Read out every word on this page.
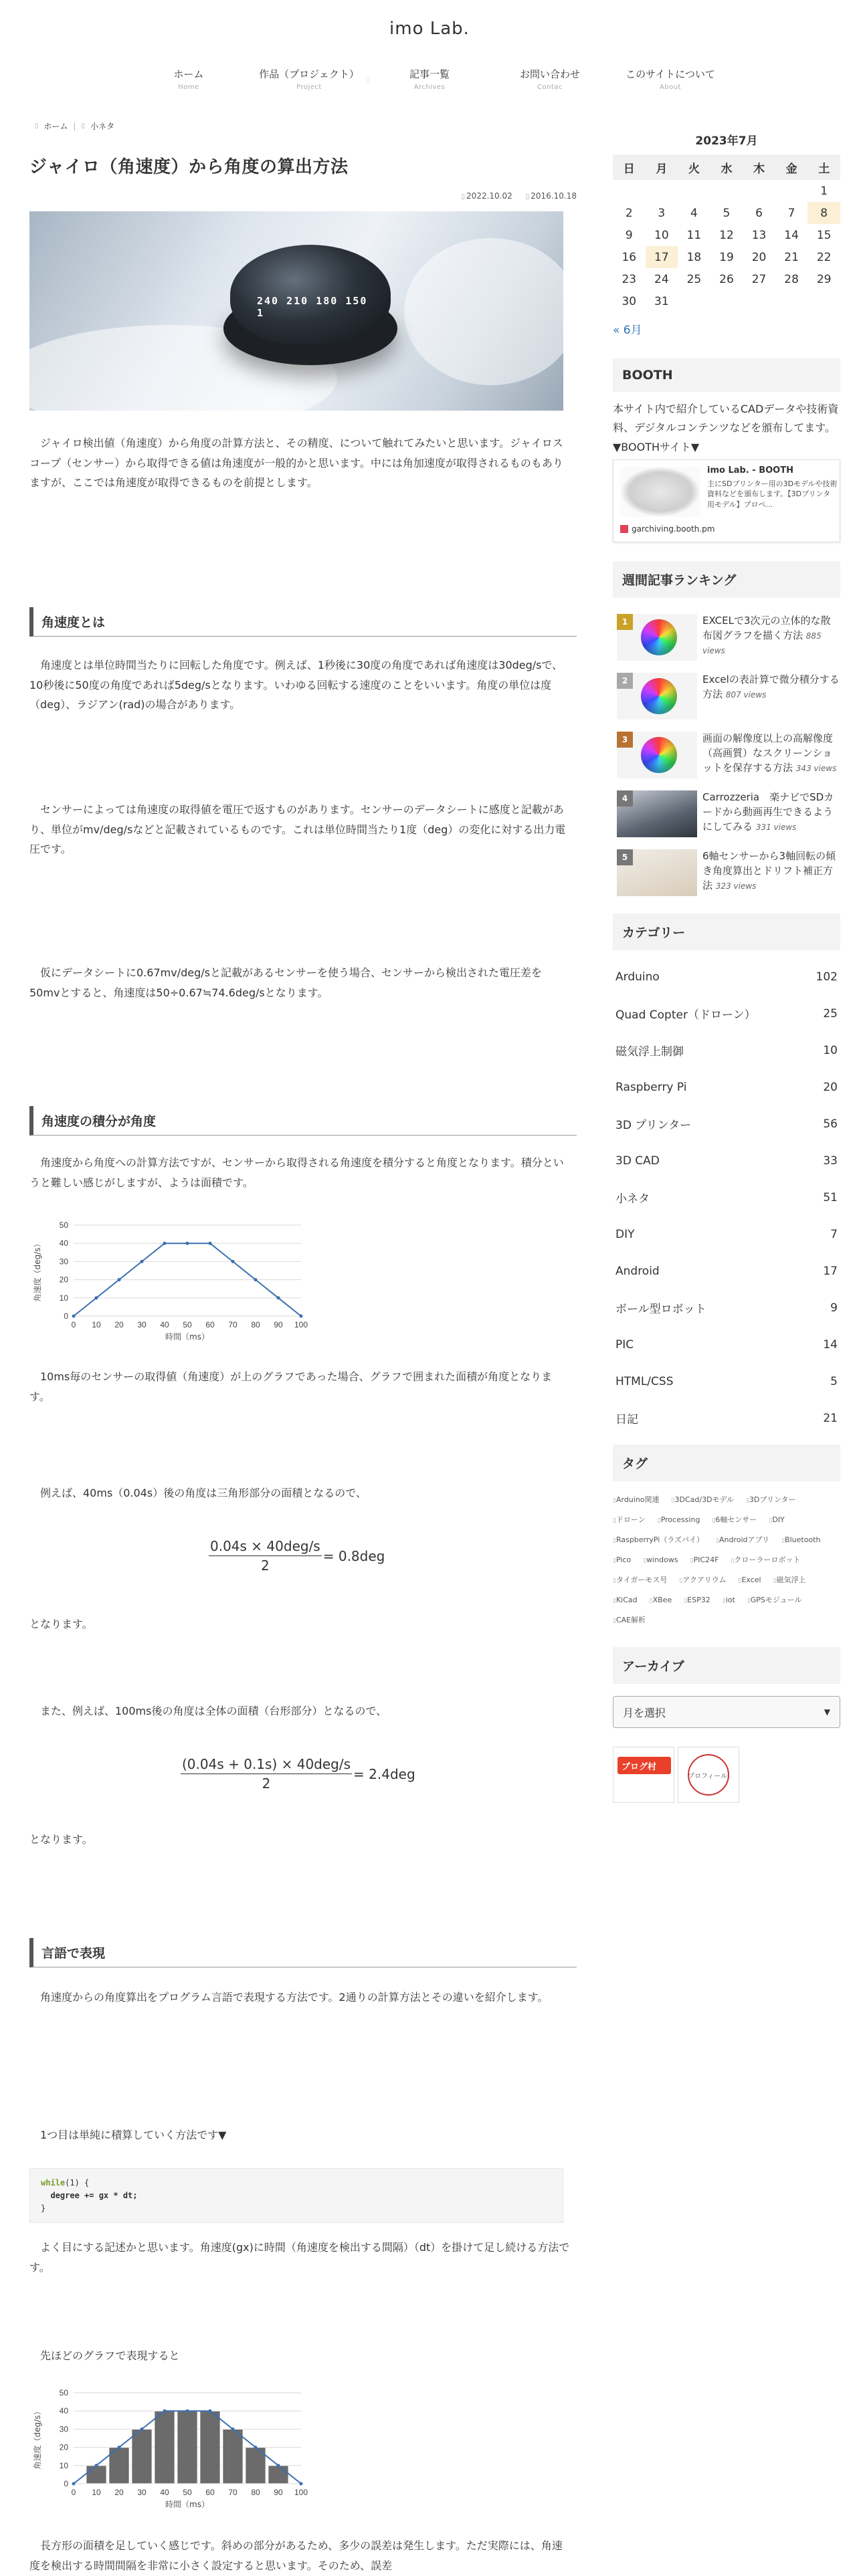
imo Lab.
ホーム
Home
作品（プロジェクト）
Project
▯	記事一覧
Archives
お問い合わせ
Contac
このサイトについて
About
▯ ホーム | ▯ 小ネタ
ジャイロ（角速度）から角度の算出方法
▯ 2022.10.02	▯ 2016.10.18
240 210 180 150 1

ジャイロ検出値（角速度）から角度の計算方法と、その精度、について触れてみたいと思います。ジャイロスコープ（センサー）から取得できる値は角速度が一般的かと思います。中には角加速度が取得されるものもありますが、ここでは角速度が取得できるものを前提とします。

角速度とは

角速度とは単位時間当たりに回転した角度です。例えば、1秒後に30度の角度であれば角速度は30deg/sで、10秒後に50度の角度であれば5deg/sとなります。いわゆる回転する速度のことをいいます。角度の単位は度（deg）、ラジアン(rad)の場合があります。

センサーによっては角速度の取得値を電圧で返すものがあります。センサーのデータシートに感度と記載があり、単位がmv/deg/sなどと記載されているものです。これは単位時間当たり1度（deg）の変化に対する出力電圧です。

仮にデータシートに0.67mv/deg/sと記載があるセンサーを使う場合、センサーから検出された電圧差を50mvとすると、角速度は50÷0.67≒74.6deg/sとなります。

角速度の積分が角度

角速度から角度への計算方法ですが、センサーから取得される角速度を積分すると角度となります。積分というと難しい感じがしますが、ようは面積です。

0
10
20
30
40
50
0 10 20 30 40 50 60 70 80 90 100
時間（ms）
角速度（deg/s）

10ms毎のセンサーの取得値（角速度）が上のグラフであった場合、グラフで囲まれた面積が角度となります。

例えば、40ms（0.04s）後の角度は三角形部分の面積となるので、

$\frac{\text{0.04s × 40deg/s}}{2} = 0.8deg$

となります。

また、例えば、100ms後の角度は全体の面積（台形部分）となるので、

$\frac{\text{(0.04s + 0.1s) × 40deg/s}}{2} = 2.4deg$

となります。

言語で表現

角速度からの角度算出をプログラム言語で表現する方法です。2通りの計算方法とその違いを紹介します。

1つ目は単純に積算していく方法です▼

while(1) {
degree += gx * dt;
}

よく目にする記述かと思います。角速度(gx)に時間（角速度を検出する間隔）（dt）を掛けて足し続ける方法です。

先ほどのグラフで表現すると

0
10
20
30
40
50
0 10 20 30 40 50 60 70 80 90 100
時間（ms）
角速度（deg/s）

長方形の面積を足していく感じです。斜めの部分があるため、多少の誤差は発生します。ただ実際には、角速度を検出する時間間隔を非常に小さく設定すると思います。そのため、誤差

2023年7月
日	月	火	水	木	金	土
						1
2	3	4	5	6	7	8
9	10	11	12	13	14	15
16	17	18	19	20	21	22
23	24	25	26	27	28	29
30	31					
« 6月
BOOTH

本サイト内で紹介しているCADデータや技術資料、デジタルコンテンツなどを頒布してます。

▼BOOTHサイト▼
imo Lab. - BOOTH
主にSDプリンター用の3Dモデルや技術資料などを頒布します。【3Dプリンタ用モデル】プロペ...
garchiving.booth.pm
週間記事ランキング
1	EXCELで3次元の立体的な散布図グラフを描く方法 885 views
2	Excelの表計算で微分積分する方法 807 views
3	画面の解像度以上の高解像度（高画質）なスクリーンショットを保存する方法 343 views
4	Carrozzeria　楽ナビでSDカードから動画再生できるようにしてみる 331 views
5	6軸センサーから3軸回転の傾き角度算出とドリフト補正方法 323 views
カテゴリー
Arduino	102
Quad Copter（ドローン）	25
磁気浮上制御	10
Raspberry Pi	20
3D プリンター	56
3D CAD	33
小ネタ	51
DIY	7
Android	17
ボール型ロボット	9
PIC	14
HTML/CSS	5
日記	21
タグ
▯ Arduino関連 ▯ 3DCad/3Dモデル ▯ 3Dプリンター▯ ドローン ▯ Processing ▯ 6軸センサー ▯ DIY▯ RaspberryPi（ラズパイ） ▯ Androidアプリ ▯ Bluetooth▯ Pico ▯ windows ▯ PIC24F ▯ クローラーロボット▯ タイガーモス号 ▯ アクアリウム ▯ Excel ▯ 磁気浮上▯ KiCad ▯ XBee ▯ ESP32 ▯ iot ▯ GPSモジュール▯ CAE解析
アーカイブ
月を選択	▼
ブログ村

プロフィール
